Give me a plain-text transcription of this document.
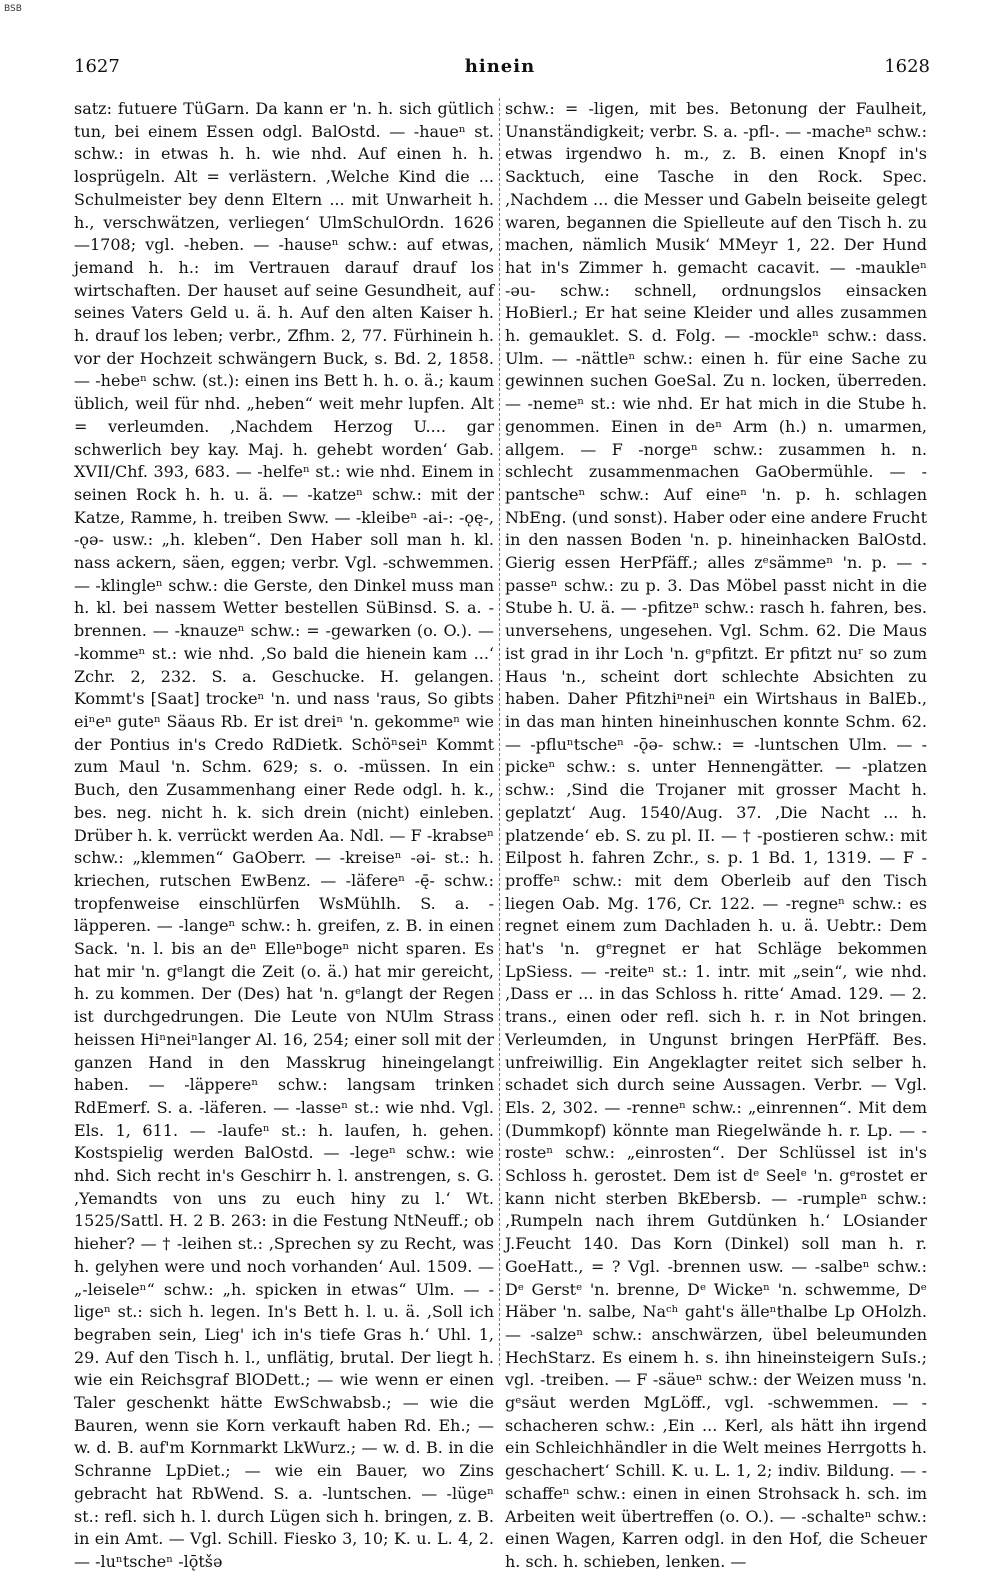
BSB
1627	hinein	1628

satz: futuere TüGarn. Da kann er 'n. h. sich gütlich tun, bei einem Essen odgl. BalOstd. — -haueⁿ st. schw.: in etwas h. h. wie nhd. Auf einen h. h. losprügeln. Alt = verlästern. ‚Welche Kind die ... Schulmeister bey denn Eltern ... mit Unwarheit h. h., verschwätzen, verliegen‘ UlmSchulOrdn. 1626—1708; vgl. -heben. — -hauseⁿ schw.: auf etwas, jemand h. h.: im Vertrauen darauf drauf los wirtschaften. Der hauset auf seine Gesundheit, auf seines Vaters Geld u. ä. h. Auf den alten Kaiser h. h. drauf los leben; verbr., Zfhm. 2, 77. Fürhinein h. vor der Hochzeit schwängern Buck, s. Bd. 2, 1858. — -hebeⁿ schw. (st.): einen ins Bett h. h. o. ä.; kaum üblich, weil für nhd. „heben“ weit mehr lupfen. Alt = verleumden. ‚Nachdem Herzog U.... gar schwerlich bey kay. Maj. h. gehebt worden‘ Gab. XVII/Chf. 393, 683. — -helfeⁿ st.: wie nhd. Einem in seinen Rock h. h. u. ä. — -katzeⁿ schw.: mit der Katze, Ramme, h. treiben Sww. — -kleibeⁿ -ai-: -ǫę-, -ǫə- usw.: „h. kleben“. Den Haber soll man h. kl. nass ackern, säen, eggen; verbr. Vgl. -schwemmen. — -klingleⁿ schw.: die Gerste, den Dinkel muss man h. kl. bei nassem Wetter bestellen SüBinsd. S. a. -brennen. — -knauzeⁿ schw.: = -gewarken (o. O.). — -kommeⁿ st.: wie nhd. ‚So bald die hienein kam ...‘ Zchr. 2, 232. S. a. Geschucke. H. gelangen. Kommt's [Saat] trockeⁿ 'n. und nass 'raus, So gibts eiⁿeⁿ guteⁿ Säaus Rb. Er ist dreiⁿ 'n. gekommeⁿ wie der Pontius in's Credo RdDietk. Schöⁿseiⁿ Kommt zum Maul 'n. Schm. 629; s. o. -müssen. In ein Buch, den Zusammenhang einer Rede odgl. h. k., bes. neg. nicht h. k. sich drein (nicht) einleben. Drüber h. k. verrückt werden Aa. Ndl. — F -krabseⁿ schw.: „klemmen“ GaOberr. — -kreiseⁿ -ǝi- st.: h. kriechen, rutschen EwBenz. — -läfereⁿ -ę̄- schw.: tropfenweise einschlürfen WsMühlh. S. a. -läpperen. — -langeⁿ schw.: h. greifen, z. B. in einen Sack. 'n. l. bis an deⁿ Elleⁿbogeⁿ nicht sparen. Es hat mir 'n. gᵉlangt die Zeit (o. ä.) hat mir gereicht, h. zu kommen. Der (Des) hat 'n. gᵉlangt der Regen ist durchgedrungen. Die Leute von NUlm Strass heissen Hiⁿneiⁿlanger Al. 16, 254; einer soll mit der ganzen Hand in den Masskrug hineingelangt haben. — -läppereⁿ schw.: langsam trinken RdEmerf. S. a. -läferen. — -lasseⁿ st.: wie nhd. Vgl. Els. 1, 611. — -laufeⁿ st.: h. laufen, h. gehen. Kostspielig werden BalOstd. — -legeⁿ schw.: wie nhd. Sich recht in's Geschirr h. l. anstrengen, s. G. ‚Yemandts von uns zu euch hiny zu l.‘ Wt. 1525/Sattl. H. 2 B. 263: in die Festung NtNeuff.; ob hieher? — † -leihen st.: ‚Sprechen sy zu Recht, was h. gelyhen were und noch vorhanden‘ Aul. 1509. — „-leiseleⁿ“ schw.: „h. spicken in etwas“ Ulm. — -ligeⁿ st.: sich h. legen. In's Bett h. l. u. ä. ‚Soll ich begraben sein, Lieg' ich in's tiefe Gras h.‘ Uhl. 1, 29. Auf den Tisch h. l., unflätig, brutal. Der liegt h. wie ein Reichsgraf BlODett.; — wie wenn er einen Taler geschenkt hätte EwSchwabsb.; — wie die Bauren, wenn sie Korn verkauft haben Rd. Eh.; — w. d. B. auf'm Kornmarkt LkWurz.; — w. d. B. in die Schranne LpDiet.; — wie ein Bauer, wo Zins gebracht hat RbWend. S. a. -luntschen. — -lügeⁿ st.: refl. sich h. l. durch Lügen sich h. bringen, z. B. in ein Amt. — Vgl. Schill. Fiesko 3, 10; K. u. L. 4, 2. — -luⁿtscheⁿ -lǭtšə

schw.: = -ligen, mit bes. Betonung der Faulheit, Unanständigkeit; verbr. S. a. -pfl-. — -macheⁿ schw.: etwas irgendwo h. m., z. B. einen Knopf in's Sacktuch, eine Tasche in den Rock. Spec. ‚Nachdem ... die Messer und Gabeln beiseite gelegt waren, begannen die Spielleute auf den Tisch h. zu machen, nämlich Musik‘ MMeyr 1, 22. Der Hund hat in's Zimmer h. gemacht cacavit. — -maukleⁿ -əu- schw.: schnell, ordnungslos einsacken HoBierl.; Er hat seine Kleider und alles zusammen h. gemauklet. S. d. Folg. — -mockleⁿ schw.: dass. Ulm. — -nättleⁿ schw.: einen h. für eine Sache zu gewinnen suchen GoeSal. Zu n. locken, überreden. — -nemeⁿ st.: wie nhd. Er hat mich in die Stube h. genommen. Einen in deⁿ Arm (h.) n. umarmen, allgem. — F -norgeⁿ schw.: zusammen h. n. schlecht zusammenmachen GaObermühle. — -pantscheⁿ schw.: Auf eineⁿ 'n. p. h. schlagen NbEng. (und sonst). Haber oder eine andere Frucht in den nassen Boden 'n. p. hineinhacken BalOstd. Gierig essen HerPfäff.; alles zᵉsämmeⁿ 'n. p. — -passeⁿ schw.: zu p. 3. Das Möbel passt nicht in die Stube h. U. ä. — -pfitzeⁿ schw.: rasch h. fahren, bes. unversehens, ungesehen. Vgl. Schm. 62. Die Maus ist grad in ihr Loch 'n. gᵉpfitzt. Er pfitzt nuʳ so zum Haus 'n., scheint dort schlechte Absichten zu haben. Daher Pfitzhiⁿneiⁿ ein Wirtshaus in BalEb., in das man hinten hineinhuschen konnte Schm. 62. — -pfluⁿtscheⁿ -ǭə- schw.: = -luntschen Ulm. — -pickeⁿ schw.: s. unter Hennengätter. — -platzen schw.: ‚Sind die Trojaner mit grosser Macht h. geplatzt‘ Aug. 1540/Aug. 37. ‚Die Nacht ... h. platzende‘ eb. S. zu pl. II. — † -postieren schw.: mit Eilpost h. fahren Zchr., s. p. 1 Bd. 1, 1319. — F -proffeⁿ schw.: mit dem Oberleib auf den Tisch liegen Oab. Mg. 176, Cr. 122. — -regneⁿ schw.: es regnet einem zum Dachladen h. u. ä. Uebtr.: Dem hat's 'n. gᵉregnet er hat Schläge bekommen LpSiess. — -reiteⁿ st.: 1. intr. mit „sein“, wie nhd. ‚Dass er ... in das Schloss h. ritte‘ Amad. 129. — 2. trans., einen oder refl. sich h. r. in Not bringen. Verleumden, in Ungunst bringen HerPfäff. Bes. unfreiwillig. Ein Angeklagter reitet sich selber h. schadet sich durch seine Aussagen. Verbr. — Vgl. Els. 2, 302. — -renneⁿ schw.: „einrennen“. Mit dem (Dummkopf) könnte man Riegelwände h. r. Lp. — -rosteⁿ schw.: „einrosten“. Der Schlüssel ist in's Schloss h. gerostet. Dem ist dᵉ Seelᵉ 'n. gᵉrostet er kann nicht sterben BkEbersb. — -rumpleⁿ schw.: ‚Rumpeln nach ihrem Gutdünken h.‘ LOsiander J.Feucht 140. Das Korn (Dinkel) soll man h. r. GoeHatt., = ? Vgl. -brennen usw. — -salbeⁿ schw.: Dᵉ Gerstᵉ 'n. brenne, Dᵉ Wickeⁿ 'n. schwemme, Dᵉ Häber 'n. salbe, Naᶜʰ gaht's älleⁿthalbe Lp OHolzh. — -salzeⁿ schw.: anschwärzen, übel beleumunden HechStarz. Es einem h. s. ihn hineinsteigern SuIs.; vgl. -treiben. — F -säueⁿ schw.: der Weizen muss 'n. gᵉsäut werden MgLöff., vgl. -schwemmen. — -schacheren schw.: ‚Ein ... Kerl, als hätt ihn irgend ein Schleichhändler in die Welt meines Herrgotts h. geschachert‘ Schill. K. u. L. 1, 2; indiv. Bildung. — -schaffeⁿ schw.: einen in einen Strohsack h. sch. im Arbeiten weit übertreffen (o. O.). — -schalteⁿ schw.: einen Wagen, Karren odgl. in den Hof, die Scheuer h. sch. h. schieben, lenken. —
